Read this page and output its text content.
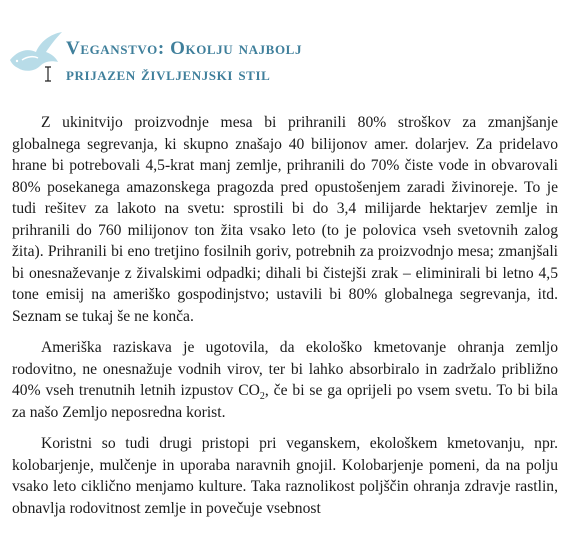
Veganstvo: Okolju najbolj
prijazen življenjski stil

Z ukinitvijo proizvodnje mesa bi prihranili 80% stroškov za zmanjšanje globalnega segrevanja, ki skupno znašajo 40 bilijonov amer. dolarjev. Za pridelavo hrane bi potrebovali 4,5-krat manj zemlje, prihranili do 70% čiste vode in obvarovali 80% posekanega amazonskega pragozda pred opustošenjem zaradi živinoreje. To je tudi rešitev za lakoto na svetu: sprostili bi do 3,4 milijarde hektarjev zemlje in prihranili do 760 milijonov ton žita vsako leto (to je polovica vseh svetovnih zalog žita). Prihranili bi eno tretjino fosilnih goriv, potrebnih za proizvodnjo mesa; zmanjšali bi onesnaževanje z živalskimi odpadki; dihali bi čistejši zrak – eliminirali bi letno 4,5 tone emisij na ameriško gospodinjstvo; ustavili bi 80% globalnega segrevanja, itd. Seznam se tukaj še ne konča.

Ameriška raziskava je ugotovila, da ekološko kmetovanje ohranja zemljo rodovitno, ne onesnažuje vodnih virov, ter bi lahko absorbiralo in zadržalo približno 40% vseh trenutnih letnih izpustov $CO_2$, če bi se ga oprijeli po vsem svetu. To bi bila za našo Zemljo neposredna korist.

Koristni so tudi drugi pristopi pri veganskem, ekološkem kmetovanju, npr. kolobarjenje, mulčenje in uporaba naravnih gnojil. Kolobarjenje pomeni, da na polju vsako leto ciklično menjamo kulture. Taka raznolikost poljščin ohranja zdravje rastlin, obnavlja rodovitnost zemlje in povečuje vsebnost
